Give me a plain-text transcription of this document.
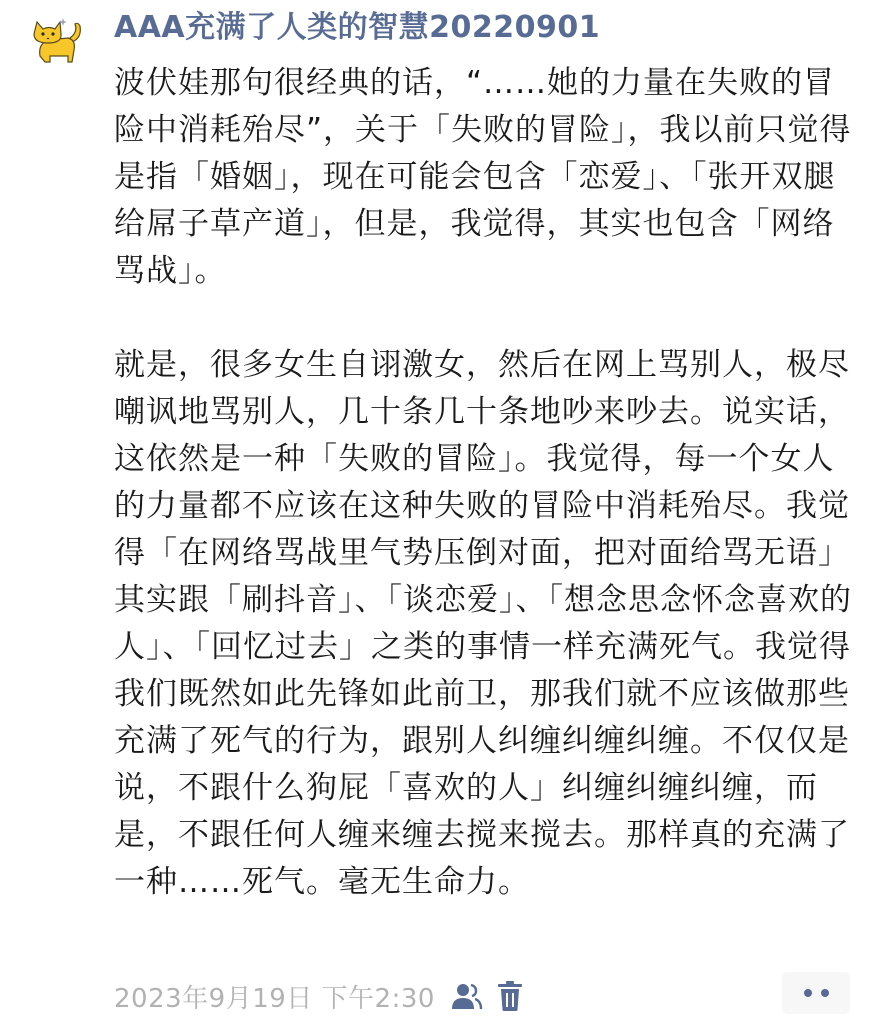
AAA充满了人类的智慧20220901

波伏娃那句很经典的话，“……她的力量在失败的冒险中消耗殆尽”，关于「失败的冒险」，我以前只觉得是指「婚姻」，现在可能会包含「恋爱」、「张开双腿给屌子草产道」，但是，我觉得，其实也包含「网络骂战」。

就是，很多女生自诩激女，然后在网上骂别人，极尽嘲讽地骂别人，几十条几十条地吵来吵去。说实话，这依然是一种「失败的冒险」。我觉得，每一个女人的力量都不应该在这种失败的冒险中消耗殆尽。我觉得「在网络骂战里气势压倒对面，把对面给骂无语」其实跟「刷抖音」、「谈恋爱」、「想念思念怀念喜欢的人」、「回忆过去」之类的事情一样充满死气。我觉得我们既然如此先锋如此前卫，那我们就不应该做那些充满了死气的行为，跟别人纠缠纠缠纠缠。不仅仅是说，不跟什么狗屁「喜欢的人」纠缠纠缠纠缠，而是，不跟任何人缠来缠去搅来搅去。那样真的充满了一种……死气。毫无生命力。

2023年9月19日 下午2:30
